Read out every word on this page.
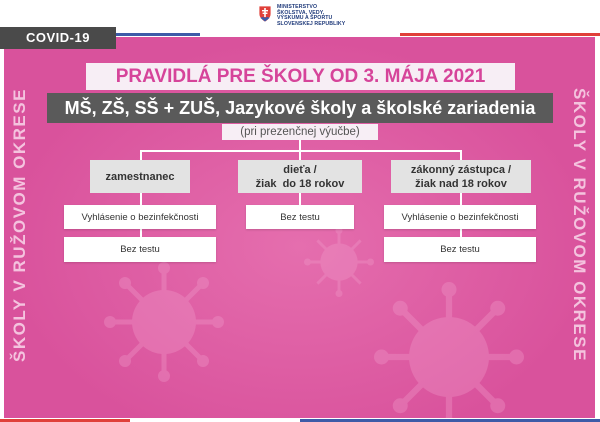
MINISTERSTVO
ŠKOLSTVA, VEDY,
VÝSKUMU A ŠPORTU
SLOVENSKEJ REPUBLIKY
COVID-19
ŠKOLY V RUŽOVOM OKRESE	ŠKOLY V RUŽOVOM OKRESE
PRAVIDLÁ PRE ŠKOLY OD 3. MÁJA 2021
MŠ, ZŠ, SŠ + ZUŠ, Jazykové školy a školské zariadenia
(pri prezenčnej výučbe)
zamestnanec
Vyhlásenie o bezinfekčnosti
Bez testu
dieťa /
žiak  do 18 rokov
Bez testu
zákonný zástupca /
žiak nad 18 rokov
Vyhlásenie o bezinfekčnosti
Bez testu
